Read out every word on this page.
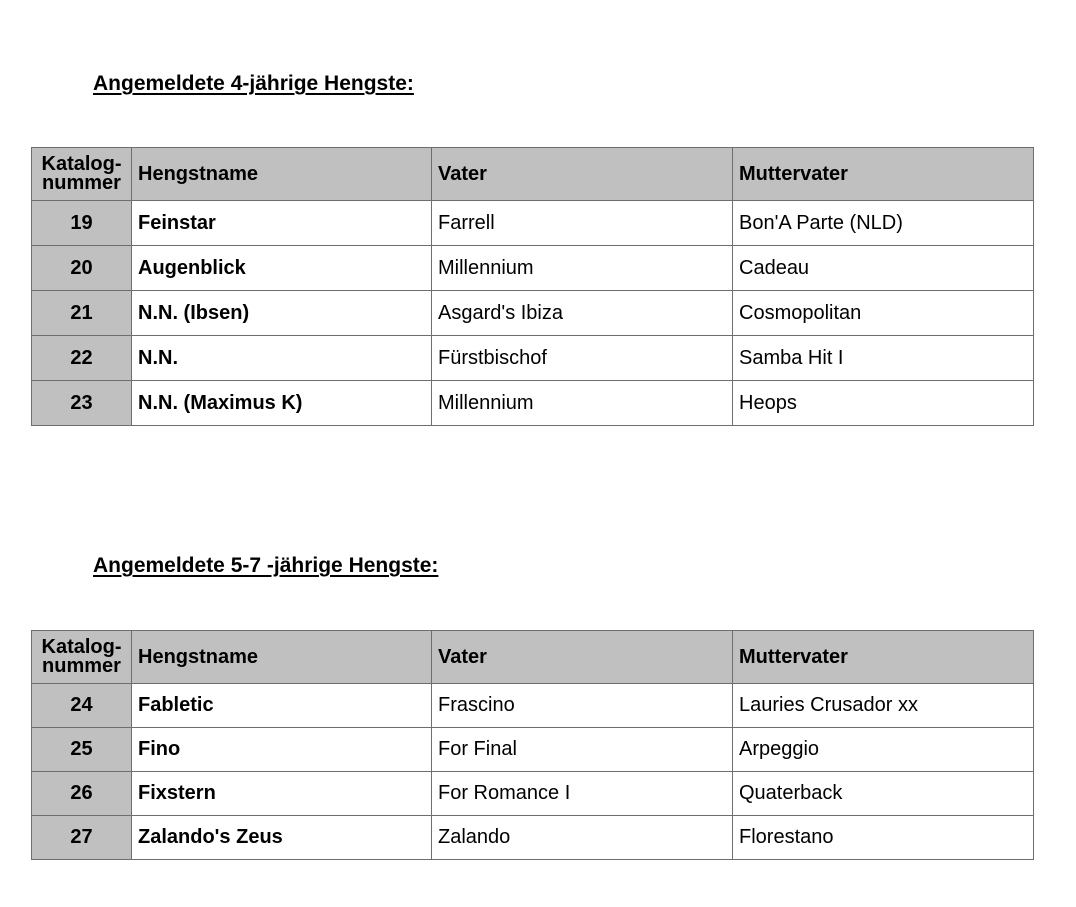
Angemeldete 4-jährige Hengste:
Katalog-
nummer	Hengstname	Vater	Muttervater
19	Feinstar	Farrell	Bon'A Parte (NLD)
20	Augenblick	Millennium	Cadeau
21	N.N. (Ibsen)	Asgard's Ibiza	Cosmopolitan
22	N.N.	Fürstbischof	Samba Hit I
23	N.N. (Maximus K)	Millennium	Heops
Angemeldete 5-7 -jährige Hengste:
Katalog-
nummer	Hengstname	Vater	Muttervater
24	Fabletic	Frascino	Lauries Crusador xx
25	Fino	For Final	Arpeggio
26	Fixstern	For Romance I	Quaterback
27	Zalando's Zeus	Zalando	Florestano
